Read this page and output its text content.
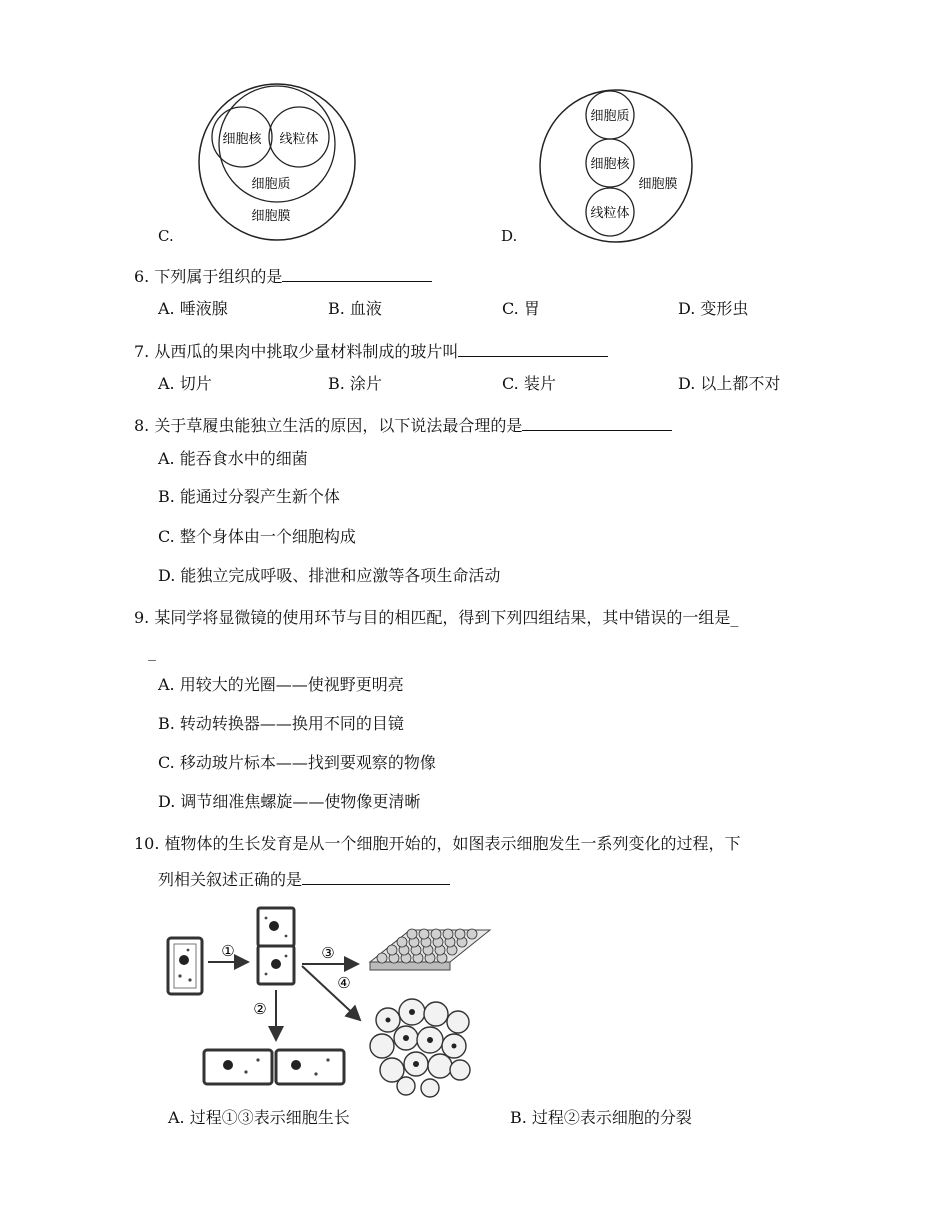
细胞核 线粒体
细胞质
细胞膜
C.
细胞质
细胞核
细胞膜
线粒体
D.
6. 下列属于组织的是
A. 唾液腺	B. 血液	C. 胃	D. 变形虫
7. 从西瓜的果肉中挑取少量材料制成的玻片叫
A. 切片	B. 涂片	C. 装片	D. 以上都不对
8. 关于草履虫能独立生活的原因，以下说法最合理的是
A. 能吞食水中的细菌
B. 能通过分裂产生新个体
C. 整个身体由一个细胞构成
D. 能独立完成呼吸、排泄和应激等各项生命活动
9. 某同学将显微镜的使用环节与目的相匹配，得到下列四组结果，其中错误的一组是_
_
A. 用较大的光圈——使视野更明亮
B. 转动转换器——换用不同的目镜
C. 移动玻片标本——找到要观察的物像
D. 调节细准焦螺旋——使物像更清晰
10. 植物体的生长发育是从一个细胞开始的，如图表示细胞发生一系列变化的过程，下
列相关叙述正确的是
①
②
③
④
A. 过程①③表示细胞生长	B. 过程②表示细胞的分裂
